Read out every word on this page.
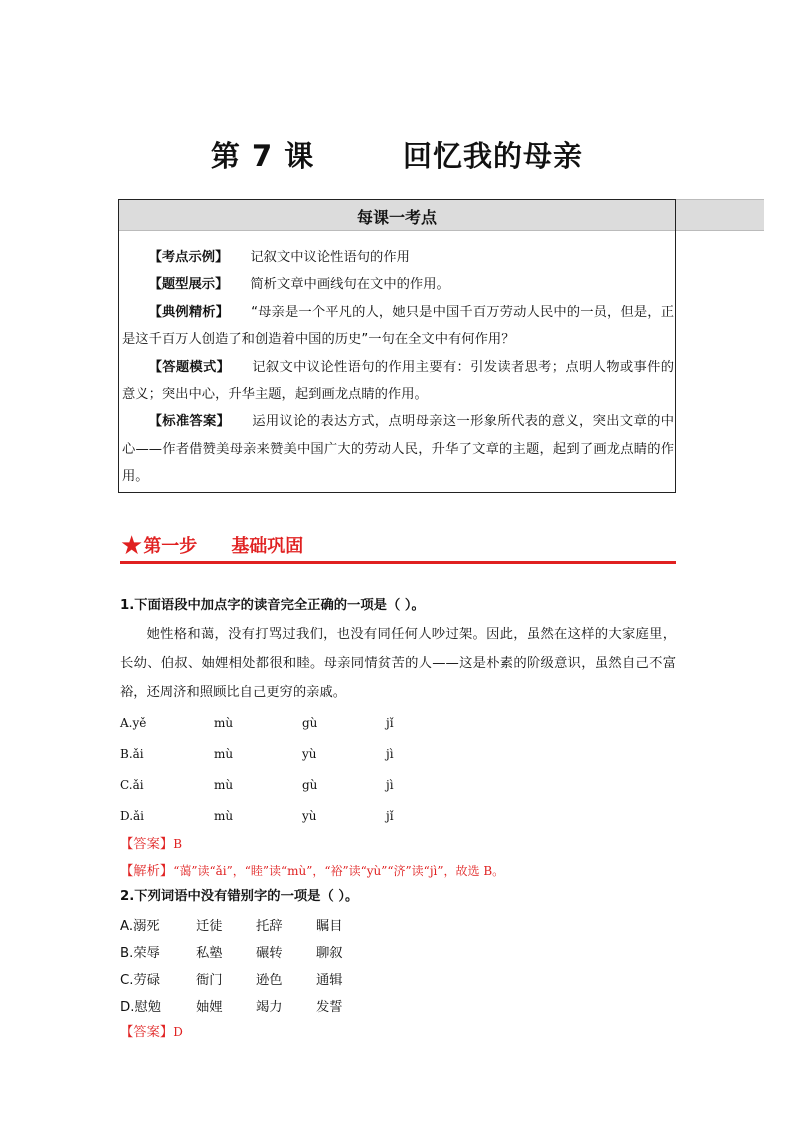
第 7 课        回忆我的母亲
每课一考点

【考点示例】 记叙文中议论性语句的作用

【题型展示】 简析文章中画线句在文中的作用。

【典例精析】 “母亲是一个平凡的人，她只是中国千百万劳动人民中的一员，但是，正是这千百万人创造了和创造着中国的历史”一句在全文中有何作用？

【答题模式】 记叙文中议论性语句的作用主要有：引发读者思考；点明人物或事件的意义；突出中心，升华主题，起到画龙点睛的作用。

【标准答案】 运用议论的表达方式，点明母亲这一形象所代表的意义，突出文章的中心——作者借赞美母亲来赞美中国广大的劳动人民，升华了文章的主题，起到了画龙点睛的作用。

★第一步 基础巩固
1.下面语段中加点字的读音完全正确的一项是（ ）。
她性格和蔼，没有打骂过我们，也没有同任何人吵过架。因此，虽然在这样的大家庭里，长幼、伯叔、妯娌相处都很和睦。母亲同情贫苦的人——这是朴素的阶级意识，虽然自己不富裕，还周济和照顾比自己更穷的亲戚。
A.yě	mù	gù	jǐ
B.ǎi	mù	yù	jì
C.ǎi	mù	gù	jì
D.ǎi	mù	yù	jǐ
【答案】B
【解析】“蔼”读“ǎi”，“睦”读“mù”，“裕”读“yù”“济”读“jì”，故选 B。
2.下列词语中没有错别字的一项是（ ）。
A.溺死	迁徒	托辞	瞩目
B.荣辱	私塾	碾转	聊叙
C.劳碌	衙门	逊色	通辑
D.慰勉	妯娌	竭力	发誓
【答案】D
